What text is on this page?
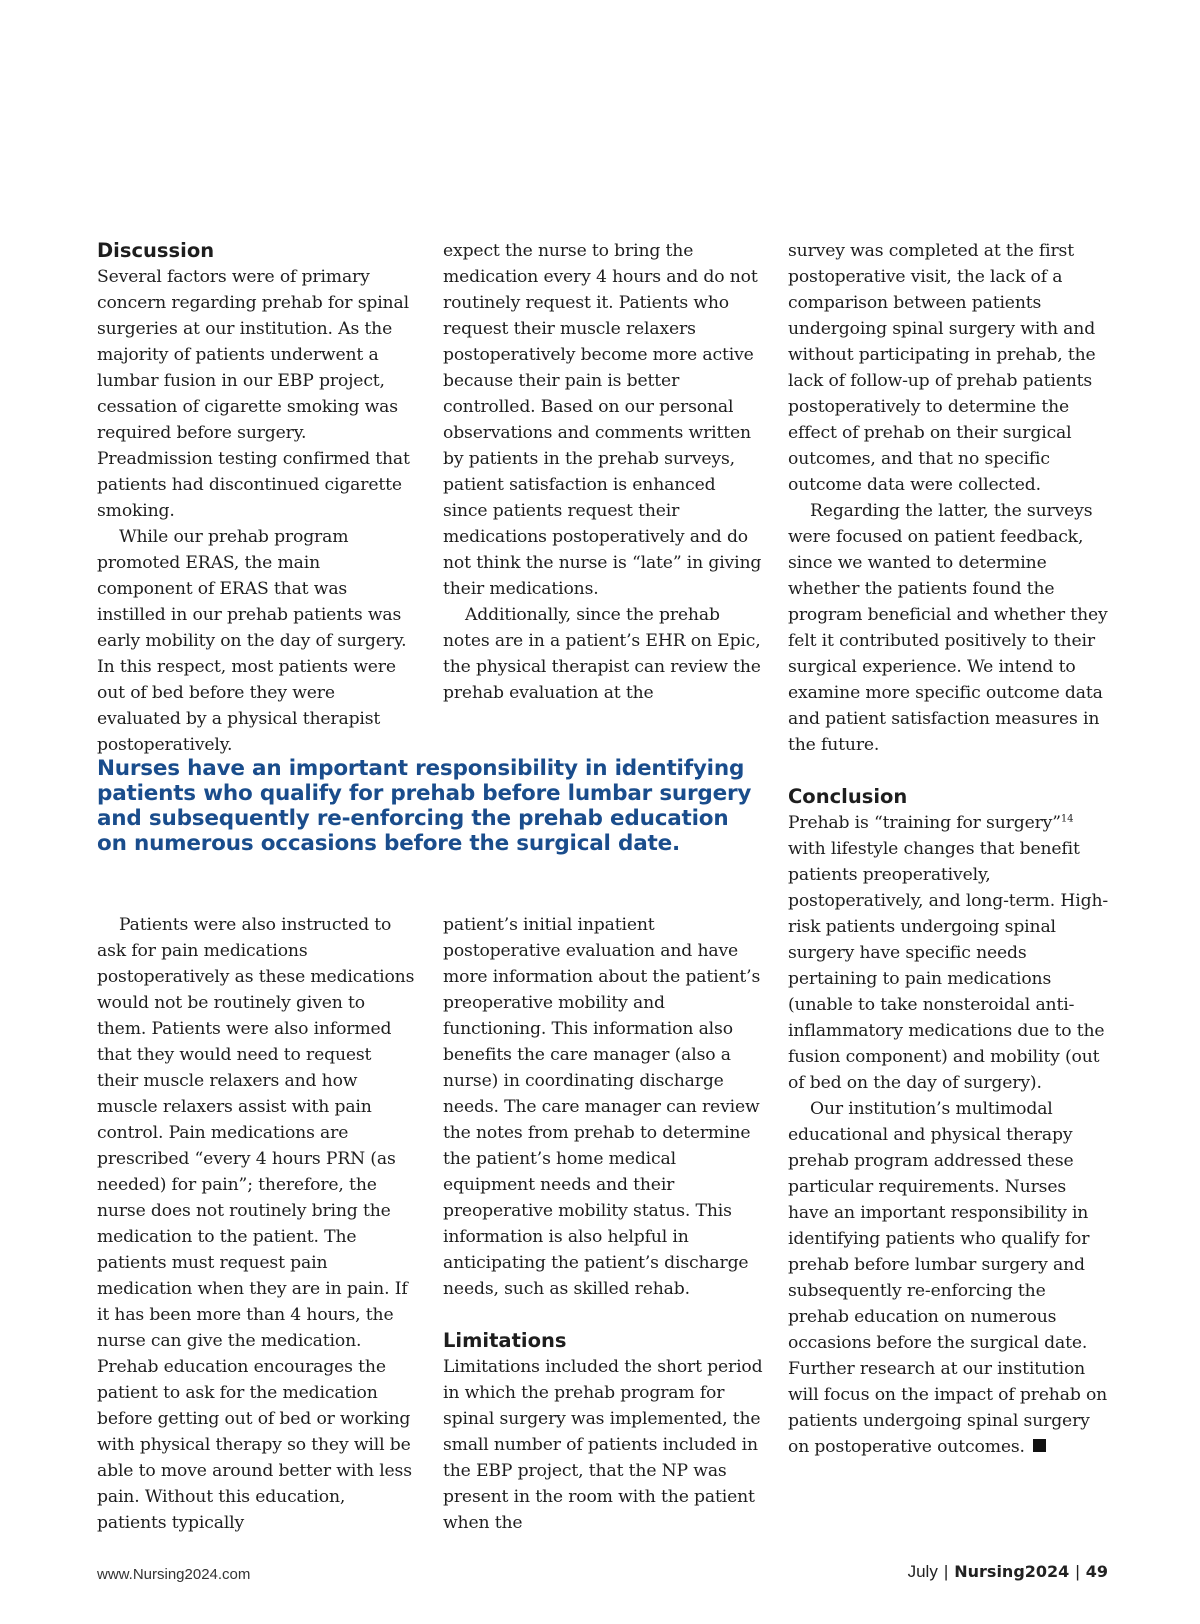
Discussion

Several factors were of primary concern regarding prehab for spinal surgeries at our institution. As the majority of patients underwent a lumbar fusion in our EBP project, cessation of cigarette smoking was required before surgery. Preadmission testing confirmed that patients had discontinued cigarette smoking.

While our prehab program promoted ERAS, the main component of ERAS that was instilled in our prehab patients was early mobility on the day of surgery. In this respect, most patients were out of bed before they were evaluated by a physical therapist postoperatively.

expect the nurse to bring the medication every 4 hours and do not routinely request it. Patients who request their muscle relaxers postoperatively become more active because their pain is better controlled. Based on our personal observations and comments written by patients in the prehab surveys, patient satisfaction is enhanced since patients request their medications postoperatively and do not think the nurse is “late” in giving their medications.

Additionally, since the prehab notes are in a patient’s EHR on Epic, the physical therapist can review the prehab evaluation at the

Nurses have an important responsibility in identifying patients who qualify for prehab before lumbar surgery and subsequently re-enforcing the prehab education on numerous occasions before the surgical date.

Patients were also instructed to ask for pain medications postoperatively as these medications would not be routinely given to them. Patients were also informed that they would need to request their muscle relaxers and how muscle relaxers assist with pain control. Pain medications are prescribed “every 4 hours PRN (as needed) for pain”; therefore, the nurse does not routinely bring the medication to the patient. The patients must request pain medication when they are in pain. If it has been more than 4 hours, the nurse can give the medication. Prehab education encourages the patient to ask for the medication before getting out of bed or working with physical therapy so they will be able to move around better with less pain. Without this education, patients typically

patient’s initial inpatient postoperative evaluation and have more information about the patient’s preoperative mobility and functioning. This information also benefits the care manager (also a nurse) in coordinating discharge needs. The care manager can review the notes from prehab to determine the patient’s home medical equipment needs and their preoperative mobility status. This information is also helpful in anticipating the patient’s discharge needs, such as skilled rehab.

Limitations

Limitations included the short period in which the prehab program for spinal surgery was implemented, the small number of patients included in the EBP project, that the NP was present in the room with the patient when the

survey was completed at the first postoperative visit, the lack of a comparison between patients undergoing spinal surgery with and without participating in prehab, the lack of follow-up of prehab patients postoperatively to determine the effect of prehab on their surgical outcomes, and that no specific outcome data were collected.

Regarding the latter, the surveys were focused on patient feedback, since we wanted to determine whether the patients found the program beneficial and whether they felt it contributed positively to their surgical experience. We intend to examine more specific outcome data and patient satisfaction measures in the future.

Conclusion

Prehab is “training for surgery”$^{14}$ with lifestyle changes that benefit patients preoperatively, postoperatively, and long-term. High-risk patients undergoing spinal surgery have specific needs pertaining to pain medications (unable to take nonsteroidal anti-inflammatory medications due to the fusion component) and mobility (out of bed on the day of surgery).

Our institution’s multimodal educational and physical therapy prehab program addressed these particular requirements. Nurses have an important responsibility in identifying patients who qualify for prehab before lumbar surgery and subsequently re-enforcing the prehab education on numerous occasions before the surgical date. Further research at our institution will focus on the impact of prehab on patients undergoing spinal surgery on postoperative outcomes.

www.Nursing2024.com	July | Nursing2024 | 49
